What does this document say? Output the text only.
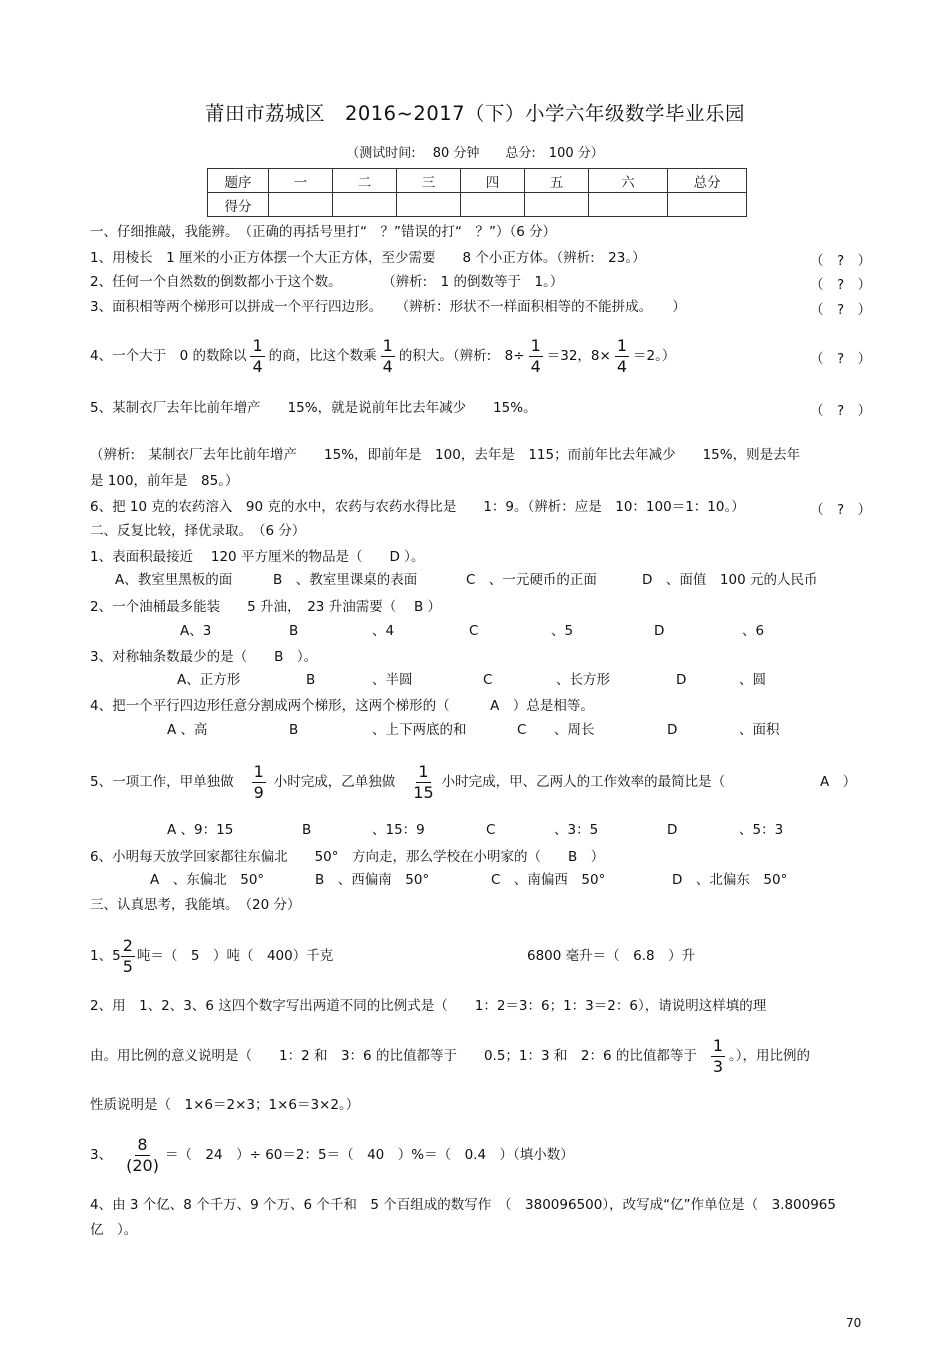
莆田市荔城区　2016~2017（下）小学六年级数学毕业乐园
（测试时间:　 80 分钟　　总分:　100 分）
题序	一	二	三	四	五	六	总分
得分							
一、仔细推敲，我能辨。　（正确的再括号里打“　？”错误的打“　？”）（6 分）
1、用棱长　1 厘米的小正方体摆一个大正方体，至少需要　　8 个小正方体。（辨析:　23。）	（　?　）
2、任何一个自然数的倒数都小于这个数。　　　　（辨析:　1 的倒数等于　1。）	（　?　）
3、面积相等两个梯形可以拼成一个平行四边形。　　（辨析：形状不一样面积相等的不能拼成。　　）	（　?　）
4、一个大于　0 的数除以 $\frac{1}{4}$ 的商，比这个数乘 $\frac{1}{4}$ 的积大。（辨析:　$8\div \frac{1}{4} =32$，$8\times \frac{1}{4} =2$。）	（　?　）
5、某制衣厂去年比前年增产　　15%，就是说前年比去年减少　　15%。	（　?　）
（辨析:　某制衣厂去年比前年增产　　15%，即前年是　100，去年是　115；而前年比去年减少　　15%，则是去年
是 100，前年是　85。）
6、把 10 克的农药溶入　90 克的水中，农药与农药水得比是　　1：9。（辨析：应是　10：100＝1：10。）	（　?　）
二、反复比较，择优录取。　（6 分）
1、表面积最接近　 120 平方厘米的物品是（　　D ）。
A、教室里黑板的面	B　、教室里课桌的表面	C　、一元硬币的正面	D　、面值　100 元的人民币
2、一个油桶最多能装　　5 升油，　23 升油需要（　 B ）
A、3	B	、4	C	、5	D	、6
3、对称轴条数最少的是（　　B　）。
A、正方形	B	、半圆	C	、长方形	D	、圆
4、把一个平行四边形任意分割成两个梯形，这两个梯形的（　　　A　）总是相等。
A 、高	B	、上下两底的和	C 、周长	D	、面积
5、一项工作，甲单独做 $\frac{1}{9}$ 小时完成，乙单独做 $\frac{1}{15}$ 小时完成，甲、乙两人的工作效率的最简比是（	A　）
A 、9：15	B	、15：9	C	、3：5	D	、5：3
6、小明每天放学回家都往东偏北　　50°　方向走，那么学校在小明家的（　　B　）
A　、东偏北　50°	B　、西偏南　50°	C　、南偏西　50°	D　、北偏东　50°
三、认真思考，我能填。　（20 分）
1、$5 \frac{2}{5}$ 吨＝（　5　）吨（　400）千克	6800 毫升＝（　6.8　）升
2、用　1、2、3、6 这四个数字写出两道不同的比例式是（　　1：2＝3：6；1：3＝2：6），请说明这样填的理
由。用比例的意义说明是（　　1：2 和　3：6 的比值都等于　　0.5；1：3 和　2：6 的比值都等于 $\frac{1}{3}$ 。），用比例的
性质说明是（　1×6＝2×3；1×6＝3×2。）
3、 $\frac{8}{(20)}$ ＝（　24　）÷ 60＝2：5＝（　40　）%＝（　0.4　）（填小数）
4、由 3 个亿、8 个千万、9 个万、6 个千和　5 个百组成的数写作　（　380096500），改写成“亿”作单位是（　3.800965
亿　）。
70
